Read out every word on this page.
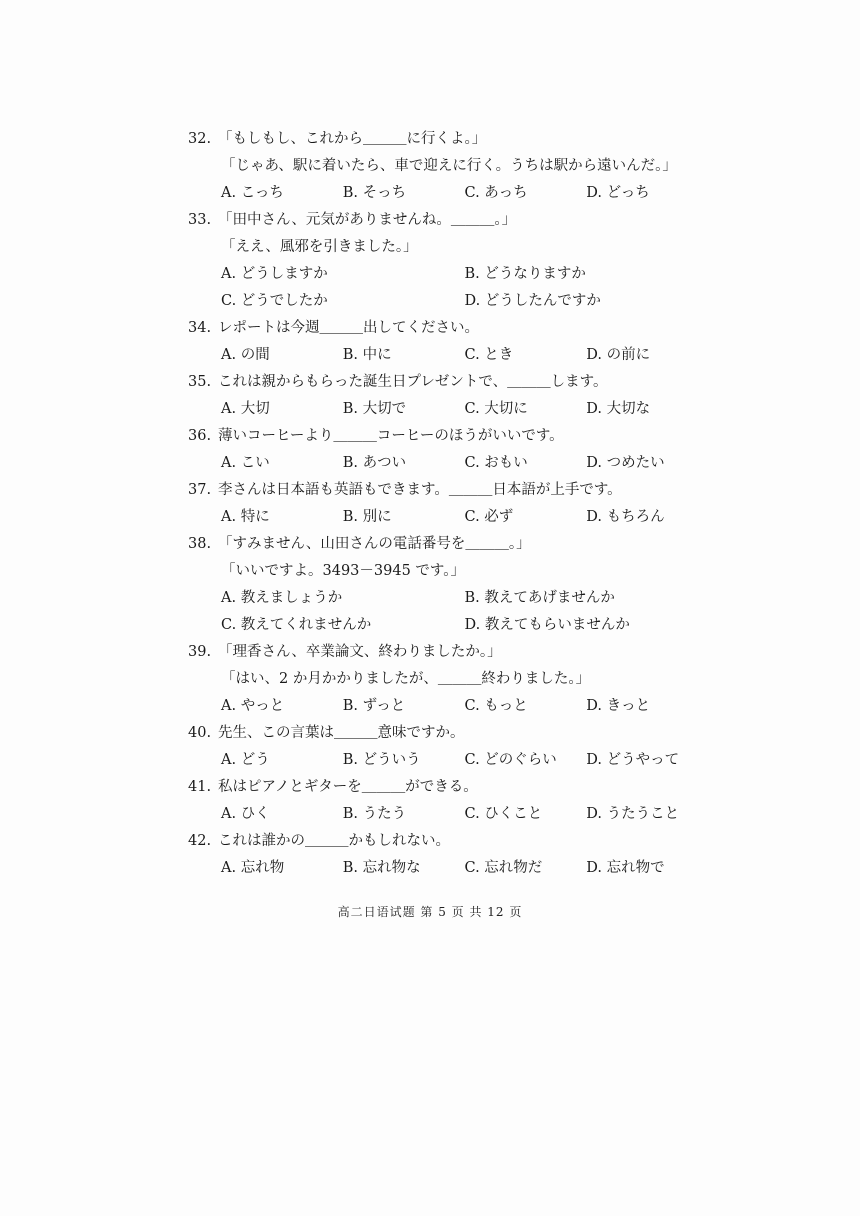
32. 「もしもし、これから＿＿＿に行くよ。」
「じゃあ、駅に着いたら、車で迎えに行く。うちは駅から遠いんだ。」
A. こっち	B. そっち	C. あっち	D. どっち
33. 「田中さん、元気がありませんね。＿＿＿。」
「ええ、風邪を引きました。」
A. どうしますか	B. どうなりますか
C. どうでしたか	D. どうしたんですか
34. レポートは今週＿＿＿出してください。
A. の間	B. 中に	C. とき	D. の前に
35. これは親からもらった誕生日プレゼントで、＿＿＿します。
A. 大切	B. 大切で	C. 大切に	D. 大切な
36. 薄いコーヒーより＿＿＿コーヒーのほうがいいです。
A. こい	B. あつい	C. おもい	D. つめたい
37. 李さんは日本語も英語もできます。＿＿＿日本語が上手です。
A. 特に	B. 別に	C. 必ず	D. もちろん
38. 「すみません、山田さんの電話番号を＿＿＿。」
「いいですよ。3493－3945 です。」
A. 教えましょうか	B. 教えてあげませんか
C. 教えてくれませんか	D. 教えてもらいませんか
39. 「理香さん、卒業論文、終わりましたか。」
「はい、2 か月かかりましたが、＿＿＿終わりました。」
A. やっと	B. ずっと	C. もっと	D. きっと
40. 先生、この言葉は＿＿＿意味ですか。
A. どう	B. どういう	C. どのぐらい	D. どうやって
41. 私はピアノとギターを＿＿＿ができる。
A. ひく	B. うたう	C. ひくこと	D. うたうこと
42. これは誰かの＿＿＿かもしれない。
A. 忘れ物	B. 忘れ物な	C. 忘れ物だ	D. 忘れ物で
高二日语试题 第 5 页 共 12 页
